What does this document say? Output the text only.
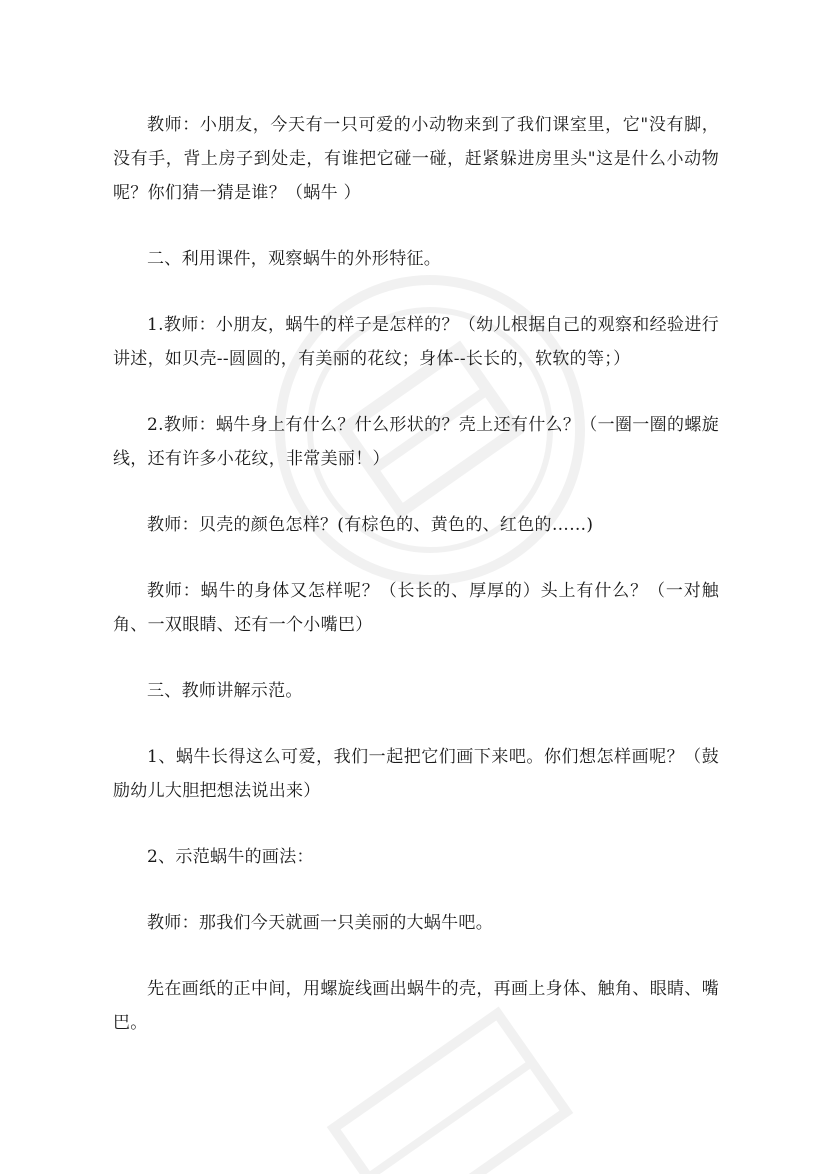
教师：小朋友，今天有一只可爱的小动物来到了我们课室里，它"没有脚，没有手，背上房子到处走，有谁把它碰一碰，赶紧躲进房里头"这是什么小动物呢？你们猜一猜是谁？（蜗牛 ）

二、利用课件，观察蜗牛的外形特征。

1.教师：小朋友，蜗牛的样子是怎样的？（幼儿根据自己的观察和经验进行讲述，如贝壳--圆圆的，有美丽的花纹；身体--长长的，软软的等；）

2.教师：蜗牛身上有什么？什么形状的？壳上还有什么？（一圈一圈的螺旋线，还有许多小花纹，非常美丽！）

教师：贝壳的颜色怎样？(有棕色的、黄色的、红色的……)

教师：蜗牛的身体又怎样呢？（长长的、厚厚的）头上有什么？（一对触角、一双眼睛、还有一个小嘴巴）

三、教师讲解示范。

1、蜗牛长得这么可爱，我们一起把它们画下来吧。你们想怎样画呢？（鼓励幼儿大胆把想法说出来）

2、示范蜗牛的画法：

教师：那我们今天就画一只美丽的大蜗牛吧。

先在画纸的正中间，用螺旋线画出蜗牛的壳，再画上身体、触角、眼睛、嘴巴。
